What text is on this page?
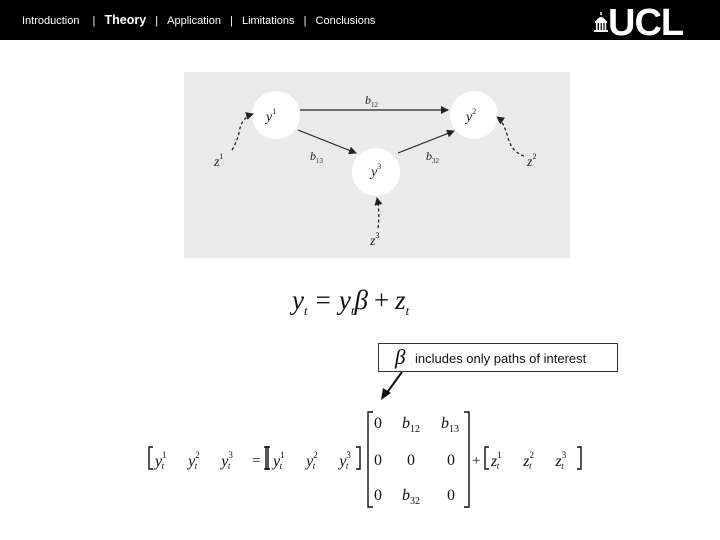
Introduction | Theory | Application | Limitations | Conclusions	UCL
$y^1$	$y^2$
$y^3$
$b_{12}$
$b_{13}$	$b_{32}$
$z^1$	$z^2$
$z^3$
$y_t = y_t\beta + z_t$
$y^1$ t $y^2$ t $y^3$ $t = y^1$ t $y^2$ t $y^3$ t
0 $b_{12}$ $b_{13}$
0 0 0
0 $b_{32}$ 0
+ $z^1$ t $z^2$ t $z^3$ t
β includes only paths of interest
